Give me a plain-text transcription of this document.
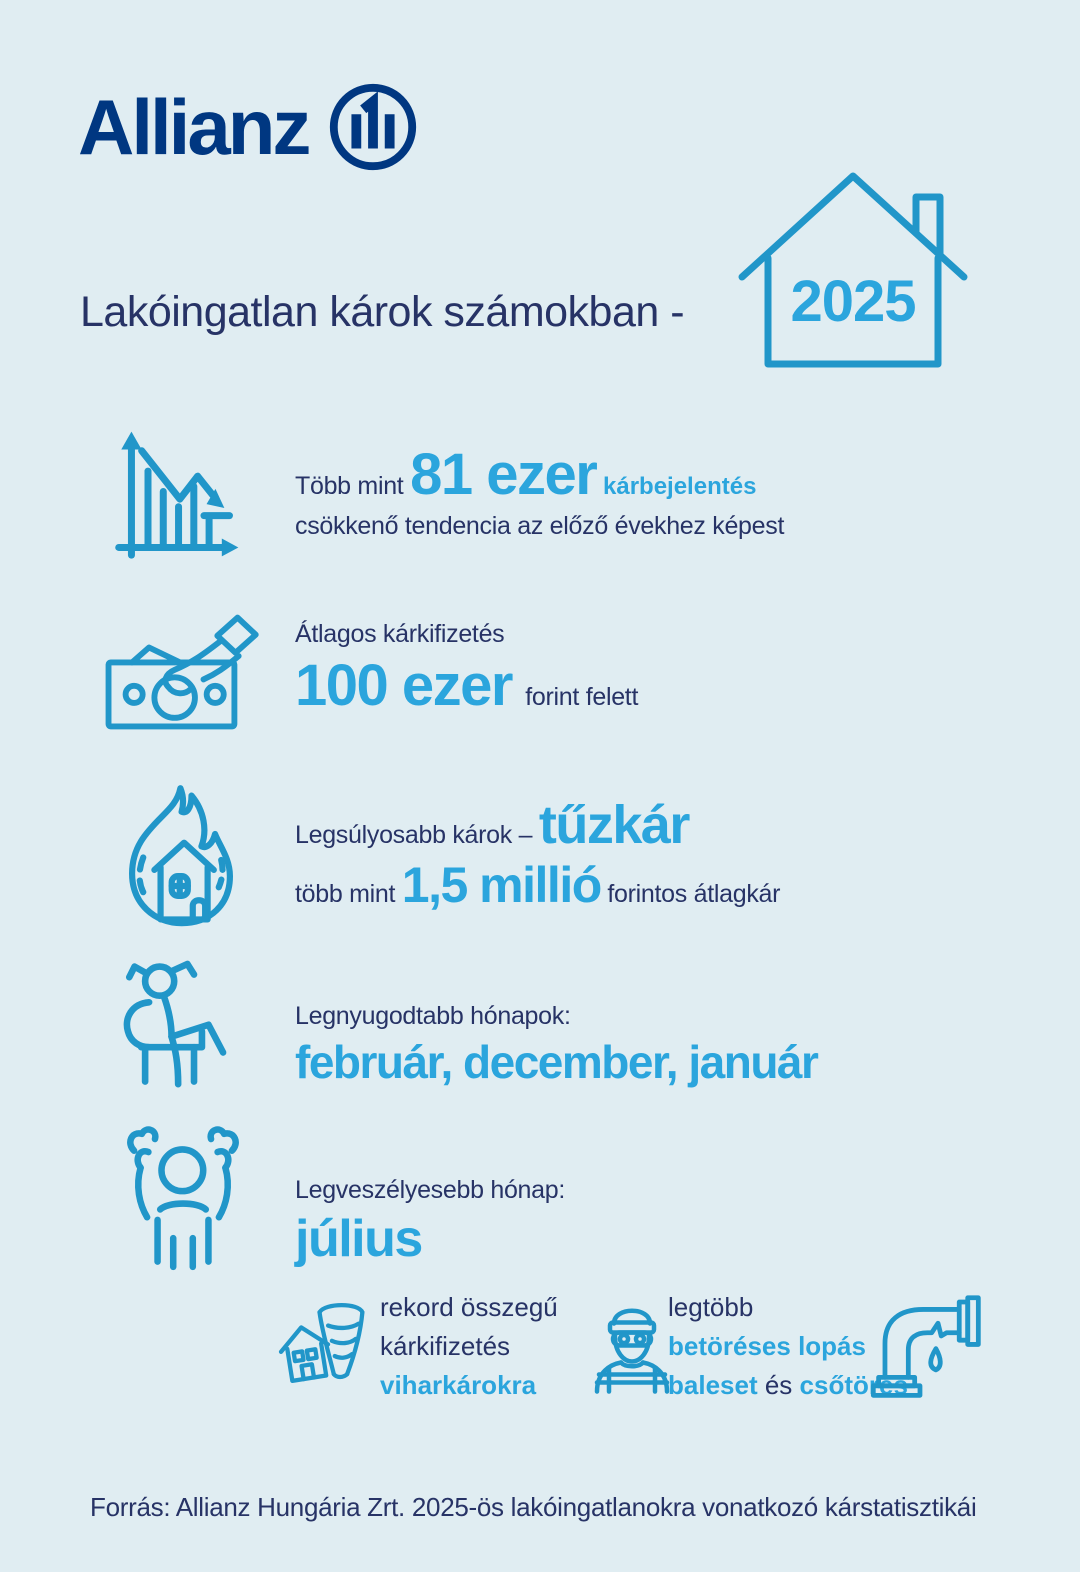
Allianz
Lakóingatlan károk számokban -	2025
Több mint 81 ezer kárbejelentés
csökkenő tendencia az előző évekhez képest
Átlagos kárkifizetés
100 ezer  forint felett
Legsúlyosabb károk – tűzkár
több mint 1,5 millió forintos átlagkár
Legnyugodtabb hónapok:
február, december, január
Legveszélyesebb hónap:
július
rekord összegű
kárkifizetés
viharkárokra
legtöbb
betöréses lopás
baleset és csőtörés
Forrás: Allianz Hungária Zrt. 2025-ös lakóingatlanokra vonatkozó kárstatisztikái
